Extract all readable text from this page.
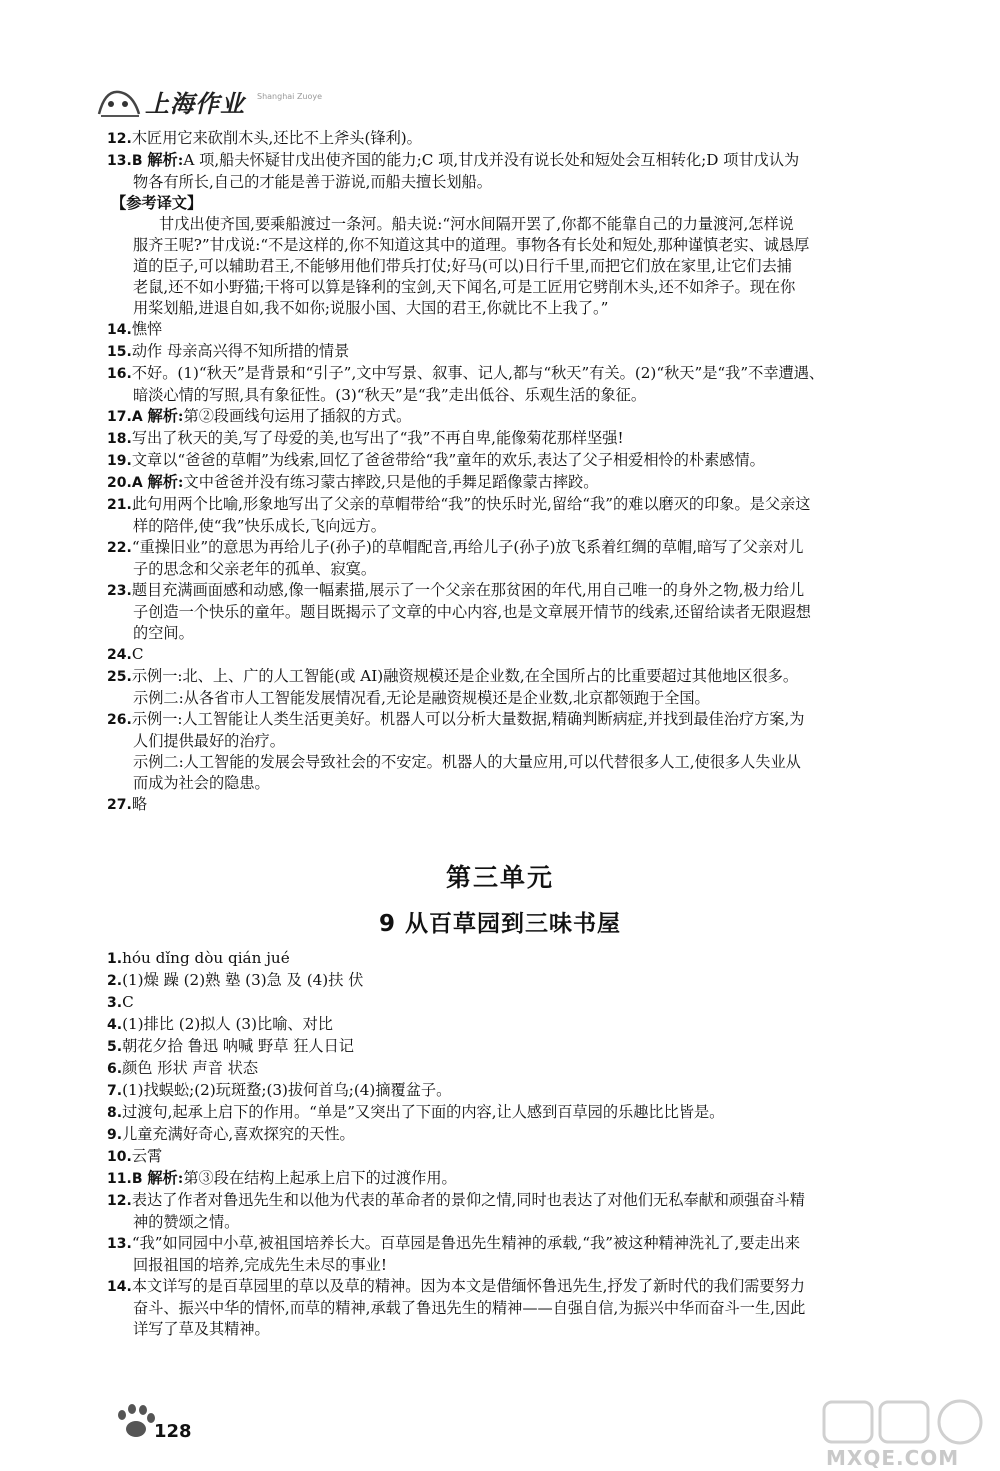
上海作业 Shanghai Zuoye
12.木匠用它来砍削木头,还比不上斧头(锋利)。
13.B 解析:A 项,船夫怀疑甘戊出使齐国的能力;C 项,甘戊并没有说长处和短处会互相转化;D 项甘戊认为
物各有所长,自己的才能是善于游说,而船夫擅长划船。
【参考译文】
甘戊出使齐国,要乘船渡过一条河。船夫说:“河水间隔开罢了,你都不能靠自己的力量渡河,怎样说
服齐王呢?”甘戊说:“不是这样的,你不知道这其中的道理。事物各有长处和短处,那种谨慎老实、诚恳厚
道的臣子,可以辅助君王,不能够用他们带兵打仗;好马(可以)日行千里,而把它们放在家里,让它们去捕
老鼠,还不如小野猫;干将可以算是锋利的宝剑,天下闻名,可是工匠用它劈削木头,还不如斧子。现在你
用桨划船,进退自如,我不如你;说服小国、大国的君王,你就比不上我了。”
14.憔悴
15.动作 母亲高兴得不知所措的情景
16.不好。(1)“秋天”是背景和“引子”,文中写景、叙事、记人,都与“秋天”有关。(2)“秋天”是“我”不幸遭遇、
暗淡心情的写照,具有象征性。(3)“秋天”是“我”走出低谷、乐观生活的象征。
17.A 解析:第②段画线句运用了插叙的方式。
18.写出了秋天的美,写了母爱的美,也写出了“我”不再自卑,能像菊花那样坚强!
19.文章以“爸爸的草帽”为线索,回忆了爸爸带给“我”童年的欢乐,表达了父子相爱相怜的朴素感情。
20.A 解析:文中爸爸并没有练习蒙古摔跤,只是他的手舞足蹈像蒙古摔跤。
21.此句用两个比喻,形象地写出了父亲的草帽带给“我”的快乐时光,留给“我”的难以磨灭的印象。是父亲这
样的陪伴,使“我”快乐成长,飞向远方。
22.“重操旧业”的意思为再给儿子(孙子)的草帽配音,再给儿子(孙子)放飞系着红绸的草帽,暗写了父亲对儿
子的思念和父亲老年的孤单、寂寞。
23.题目充满画面感和动感,像一幅素描,展示了一个父亲在那贫困的年代,用自己唯一的身外之物,极力给儿
子创造一个快乐的童年。题目既揭示了文章的中心内容,也是文章展开情节的线索,还留给读者无限遐想
的空间。
24.C
25.示例一:北、上、广的人工智能(或 AI)融资规模还是企业数,在全国所占的比重要超过其他地区很多。
示例二:从各省市人工智能发展情况看,无论是融资规模还是企业数,北京都领跑于全国。
26.示例一:人工智能让人类生活更美好。机器人可以分析大量数据,精确判断病症,并找到最佳治疗方案,为
人们提供最好的治疗。
示例二:人工智能的发展会导致社会的不安定。机器人的大量应用,可以代替很多人工,使很多人失业从
而成为社会的隐患。
27.略
第三单元
9 从百草园到三味书屋
1.hóu dǐng dòu qián jué
2.(1)燥 躁 (2)熟 塾 (3)急 及 (4)扶 伏
3.C
4.(1)排比 (2)拟人 (3)比喻、对比
5.朝花夕拾 鲁迅 呐喊 野草 狂人日记
6.颜色 形状 声音 状态
7.(1)找蜈蚣;(2)玩斑蝥;(3)拔何首乌;(4)摘覆盆子。
8.过渡句,起承上启下的作用。“单是”又突出了下面的内容,让人感到百草园的乐趣比比皆是。
9.儿童充满好奇心,喜欢探究的天性。
10.云霄
11.B 解析:第③段在结构上起承上启下的过渡作用。
12.表达了作者对鲁迅先生和以他为代表的革命者的景仰之情,同时也表达了对他们无私奉献和顽强奋斗精
神的赞颂之情。
13.“我”如同园中小草,被祖国培养长大。百草园是鲁迅先生精神的承载,“我”被这种精神洗礼了,要走出来
回报祖国的培养,完成先生未尽的事业!
14.本文详写的是百草园里的草以及草的精神。因为本文是借缅怀鲁迅先生,抒发了新时代的我们需要努力
奋斗、振兴中华的情怀,而草的精神,承载了鲁迅先生的精神——自强自信,为振兴中华而奋斗一生,因此
详写了草及其精神。
128
MXQE.COM
